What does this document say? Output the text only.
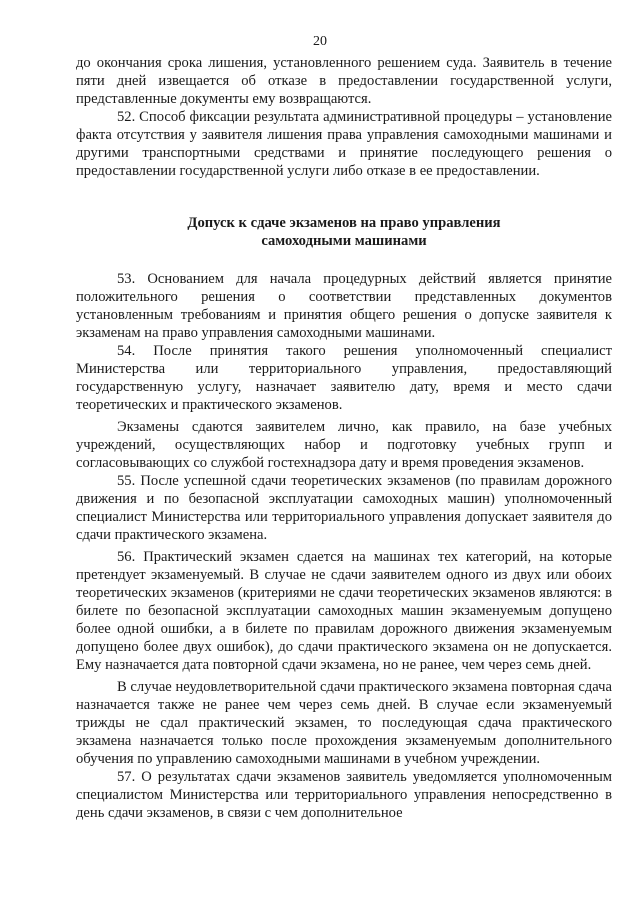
20

до окончания срока лишения, установленного решением суда. Заявитель в течение пяти дней извещается об отказе в предоставлении государственной услуги, представленные документы ему возвращаются.

52. Способ фиксации результата административной процедуры – установление факта отсутствия у заявителя лишения права управления самоходными машинами и другими транспортными средствами и принятие последующего решения о предоставлении государственной услуги либо отказе в ее предоставлении.

Допуск к сдаче экзаменов на право управления
самоходными машинами

53. Основанием для начала процедурных действий является принятие положительного решения о соответствии представленных документов установленным требованиям и принятия общего решения о допуске заявителя к экзаменам на право управления самоходными машинами.

54. После принятия такого решения уполномоченный специалист Министерства или территориального управления, предоставляющий государственную услугу, назначает заявителю дату, время и место сдачи теоретических и практического экзаменов.

Экзамены сдаются заявителем лично, как правило, на базе учебных учреждений, осуществляющих набор и подготовку учебных групп и согласовывающих со службой гостехнадзора дату и время проведения экзаменов.

55. После успешной сдачи теоретических экзаменов (по правилам дорожного движения и по безопасной эксплуатации самоходных машин) уполномоченный специалист Министерства или территориального управления допускает заявителя до сдачи практического экзамена.

56. Практический экзамен сдается на машинах тех категорий, на которые претендует экзаменуемый. В случае не сдачи заявителем одного из двух или обоих теоретических экзаменов (критериями не сдачи теоретических экзаменов являются: в билете по безопасной эксплуатации самоходных машин экзаменуемым допущено более одной ошибки, а в билете по правилам дорожного движения экзаменуемым допущено более двух ошибок), до сдачи практического экзамена он не допускается. Ему назначается дата повторной сдачи экзамена, но не ранее, чем через семь дней.

В случае неудовлетворительной сдачи практического экзамена повторная сдача назначается также не ранее чем через семь дней. В случае если экзаменуемый трижды не сдал практический экзамен, то последующая сдача практического экзамена назначается только после прохождения экзаменуемым дополнительного обучения по управлению самоходными машинами в учебном учреждении.

57. О результатах сдачи экзаменов заявитель уведомляется уполномоченным специалистом Министерства или территориального управления непосредственно в день сдачи экзаменов, в связи с чем дополнительное
